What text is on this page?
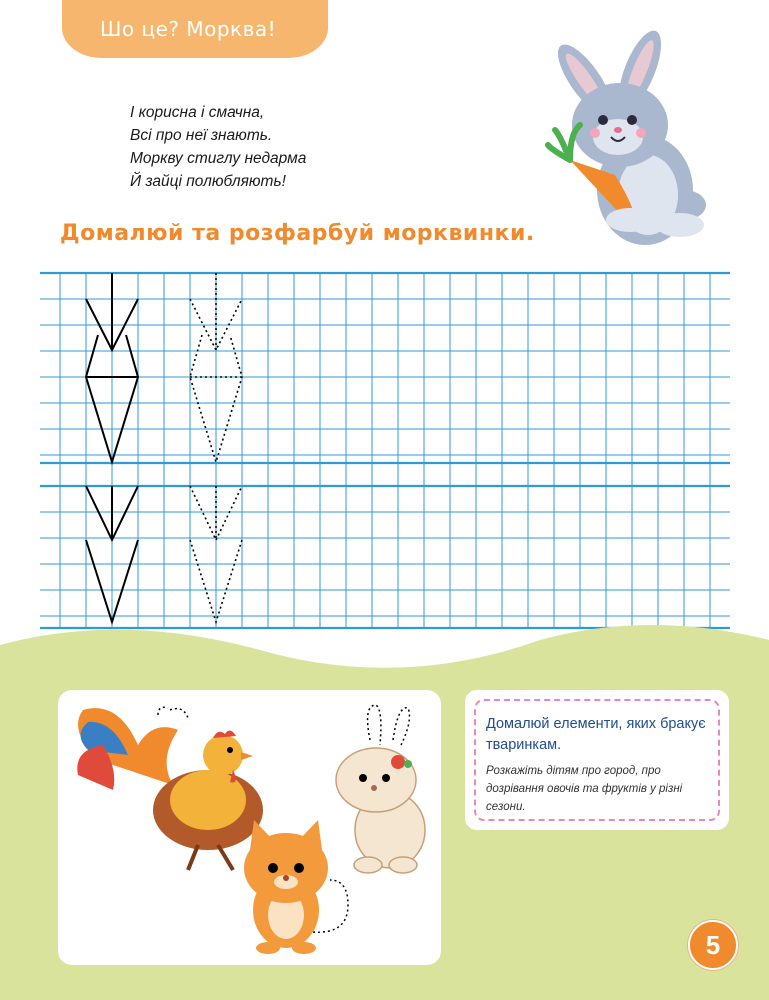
Шо це? Морква!
І корисна і смачна,
Всі про неї знають.
Моркву стиглу недарма
Й зайці полюбляють!
Домалюй та розфарбуй морквинки.
Домалюй елементи, яких бракує тваринкам.
Розкажіть дітям про город, про дозрівання овочів та фруктів у різні сезони.
5
